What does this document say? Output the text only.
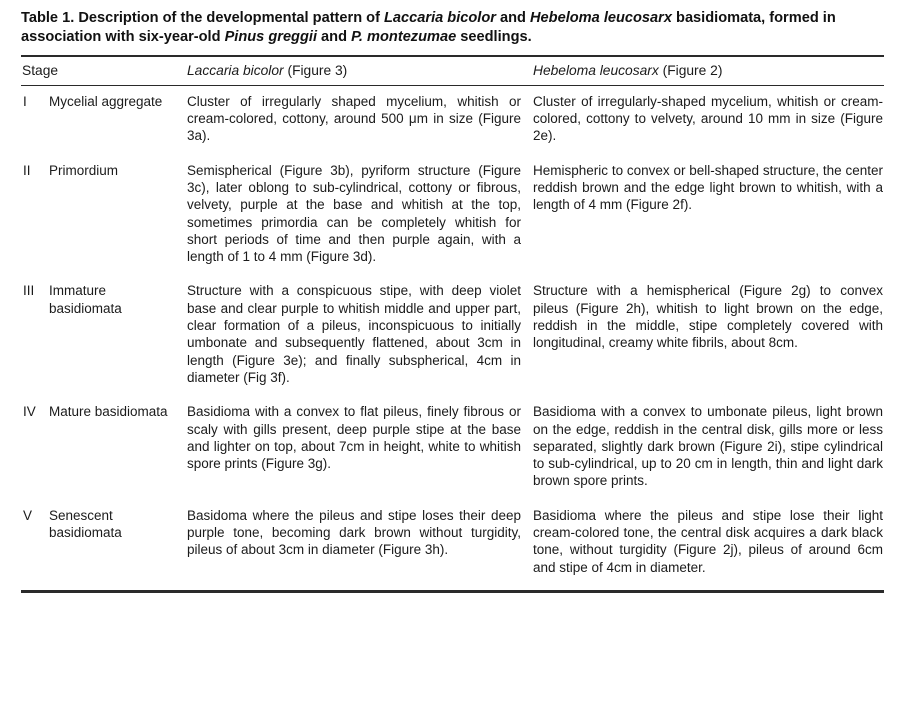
Table 1. Description of the developmental pattern of Laccaria bicolor and Hebeloma leucosarx basidiomata, formed in association with six-year-old Pinus greggii and P. montezumae seedlings.
Stage		Laccaria bicolor (Figure 3)	Hebeloma leucosarx (Figure 2)
I	Mycelial aggregate	Cluster of irregularly shaped mycelium, whitish or cream-colored, cottony, around 500 μm in size (Figure 3a).	Cluster of irregularly-shaped mycelium, whitish or cream-colored, cottony to velvety, around 10 mm in size (Figure 2e).
II	Primordium	Semispherical (Figure 3b), pyriform structure (Figure 3c), later oblong to sub-cylindrical, cottony or fibrous, velvety, purple at the base and whitish at the top, sometimes primordia can be completely whitish for short periods of time and then purple again, with a length of 1 to 4 mm (Figure 3d).	Hemispheric to convex or bell-shaped structure, the center reddish brown and the edge light brown to whitish, with a length of 4 mm (Figure 2f).
III	Immature basidiomata	Structure with a conspicuous stipe, with deep violet base and clear purple to whitish middle and upper part, clear formation of a pileus, inconspicuous to initially umbonate and subsequently flattened, about 3cm in length (Figure 3e); and finally subspherical, 4cm in diameter (Fig 3f).	Structure with a hemispherical (Figure 2g) to convex pileus (Figure 2h), whitish to light brown on the edge, reddish in the middle, stipe completely covered with longitudinal, creamy white fibrils, about 8cm.
IV	Mature basidiomata	Basidioma with a convex to flat pileus, finely fibrous or scaly with gills present, deep purple stipe at the base and lighter on top, about 7cm in height, white to whitish spore prints (Figure 3g).	Basidioma with a convex to umbonate pileus, light brown on the edge, reddish in the central disk, gills more or less separated, slightly dark brown (Figure 2i), stipe cylindrical to sub-cylindrical, up to 20 cm in length, thin and light dark brown spore prints.
V	Senescent basidiomata	Basidoma where the pileus and stipe loses their deep purple tone, becoming dark brown without turgidity, pileus of about 3cm in diameter (Figure 3h).	Basidioma where the pileus and stipe lose their light cream-colored tone, the central disk acquires a dark black tone, without turgidity (Figure 2j), pileus of around 6cm and stipe of 4cm in diameter.
